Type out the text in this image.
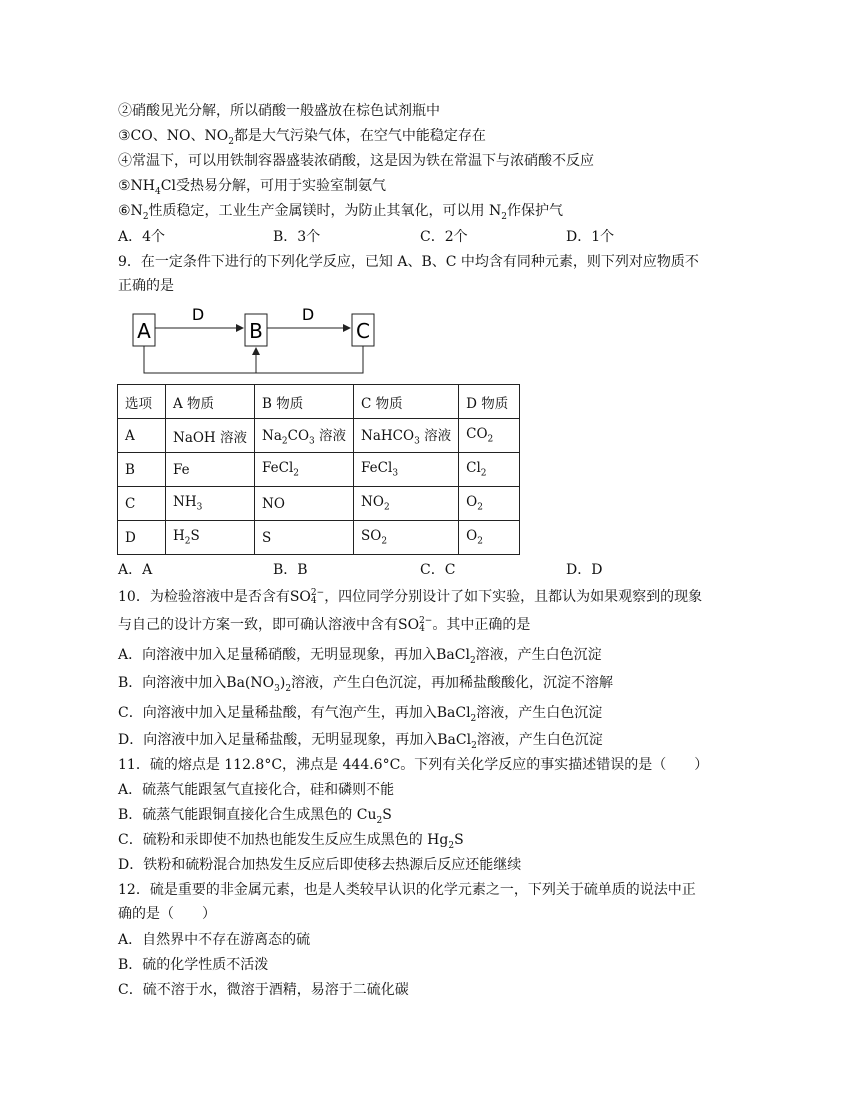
②硝酸见光分解，所以硝酸一般盛放在棕色试剂瓶中
③CO、NO、$NO_2$都是大气污染气体，在空气中能稳定存在
④常温下，可以用铁制容器盛装浓硝酸，这是因为铁在常温下与浓硝酸不反应
$⑤NH_4Cl$受热易分解，可用于实验室制氨气
$⑥N_2$性质稳定，工业生产金属镁时，为防止其氧化，可以用 $N_2$作保护气
A．4个	B．3个	C．2个	D．1个
9．在一定条件下进行的下列化学反应，已知 A、B、C 中均含有同种元素，则下列对应物质不
正确的是
A	B	C
D	D
选项	A 物质	B 物质	C 物质	D 物质
A	NaOH 溶液	$Na_2CO_3$ 溶液	NaHCO$_3$ 溶液	$CO_2$
B	Fe	FeCl$_2$	FeCl$_3$	$Cl_2$
C	$NH_3$	NO	$NO_2$	$O_2$
D	$H_2S$	S	$SO_2$	$O_2$
A．A	B．B	C．C	D．D
10．为检验溶液中是否含有SO 2−
4 ，四位同学分别设计了如下实验，且都认为如果观察到的现象
与自己的设计方案一致，即可确认溶液中含有SO 2−
4 。其中正确的是
A．向溶液中加入足量稀硝酸，无明显现象，再加入BaCl$_2$溶液，产生白色沉淀
B．向溶液中加入$Ba(NO_3)_2$溶液，产生白色沉淀，再加稀盐酸酸化，沉淀不溶解
C．向溶液中加入足量稀盐酸，有气泡产生，再加入BaCl$_2$溶液，产生白色沉淀
D．向溶液中加入足量稀盐酸，无明显现象，再加入BaCl$_2$溶液，产生白色沉淀
11．硫的熔点是 112.8°C，沸点是 444.6°C。下列有关化学反应的事实描述错误的是（　　）
A．硫蒸气能跟氢气直接化合，硅和磷则不能
B．硫蒸气能跟铜直接化合生成黑色的 $Cu_2S$
C．硫粉和汞即使不加热也能发生反应生成黑色的 $Hg_2S$
D．铁粉和硫粉混合加热发生反应后即使移去热源后反应还能继续
12．硫是重要的非金属元素，也是人类较早认识的化学元素之一，下列关于硫单质的说法中正
确的是（　　）
A．自然界中不存在游离态的硫
B．硫的化学性质不活泼
C．硫不溶于水，微溶于酒精，易溶于二硫化碳
